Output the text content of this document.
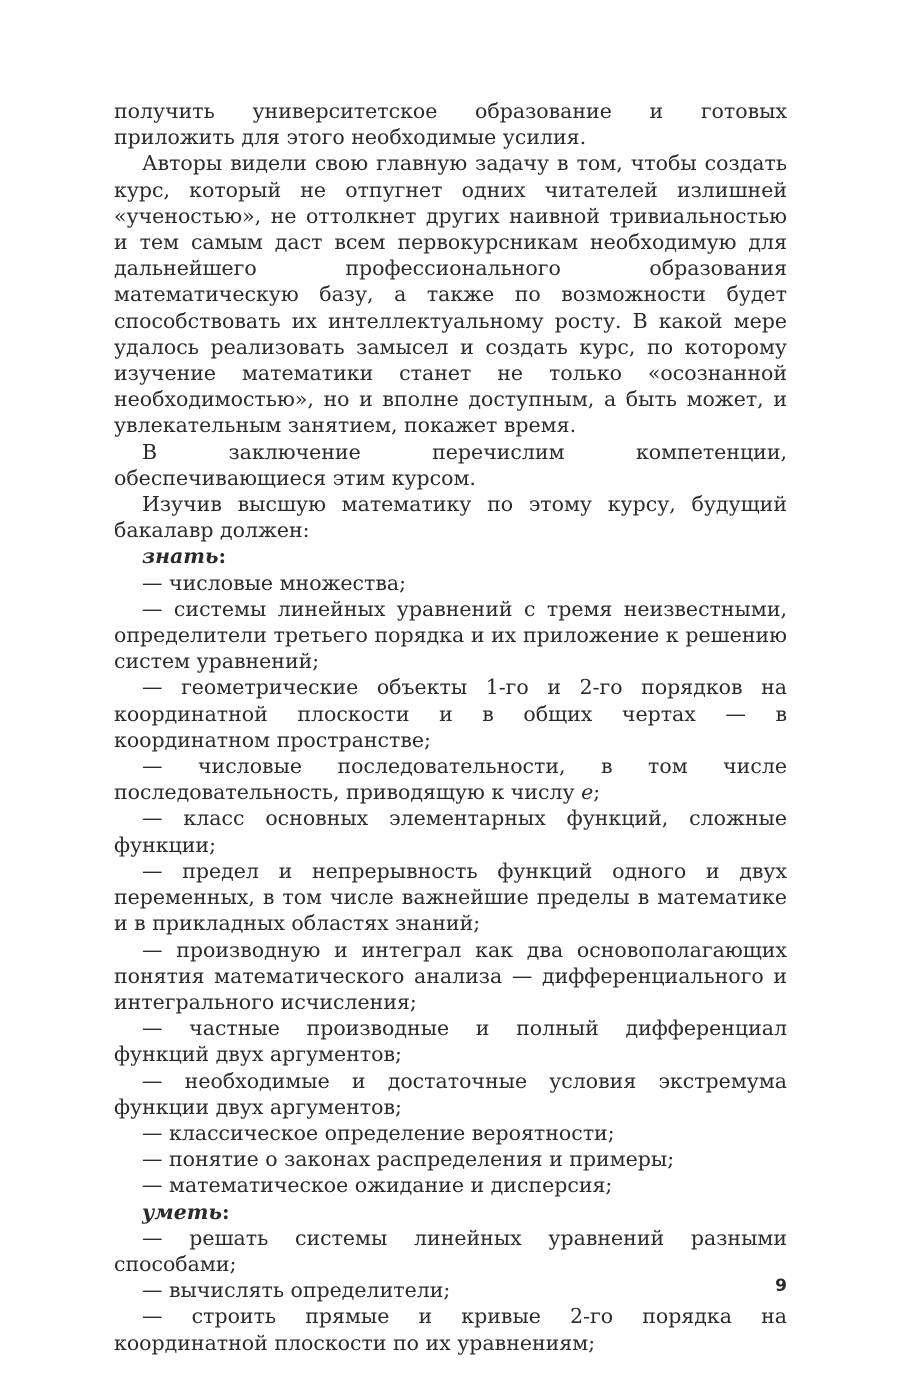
получить университетское образование и готовых приложить для этого необходимые усилия.

Авторы видели свою главную задачу в том, чтобы создать курс, который не отпугнет одних читателей излишней «ученостью», не оттолкнет других наивной тривиальностью и тем самым даст всем первокурсникам необходимую для дальнейшего профессионального образования математическую базу, а также по возможности будет способствовать их интеллектуальному росту. В какой мере удалось реализовать замысел и создать курс, по которому изучение математики станет не только «осознанной необходимостью», но и вполне доступным, а быть может, и увлекательным занятием, покажет время.

В заключение перечислим компетенции, обеспечивающиеся этим курсом.

Изучив высшую математику по этому курсу, будущий бакалавр должен:

знать:

— числовые множества;

— системы линейных уравнений с тремя неизвестными, определители третьего порядка и их приложение к решению систем уравнений;

— геометрические объекты 1-го и 2-го порядков на координатной плоскости и в общих чертах — в координатном пространстве;

— числовые последовательности, в том числе последовательность, приводящую к числу e;

— класс основных элементарных функций, сложные функции;

— предел и непрерывность функций одного и двух переменных, в том числе важнейшие пределы в математике и в прикладных областях знаний;

— производную и интеграл как два основополагающих понятия математического анализа — дифференциального и интегрального исчисления;

— частные производные и полный дифференциал функций двух аргументов;

— необходимые и достаточные условия экстремума функции двух аргументов;

— классическое определение вероятности;

— понятие о законах распределения и примеры;

— математическое ожидание и дисперсия;

уметь:

— решать системы линейных уравнений разными способами;

— вычислять определители;

— строить прямые и кривые 2-го порядка на координатной плоскости по их уравнениям;

9
